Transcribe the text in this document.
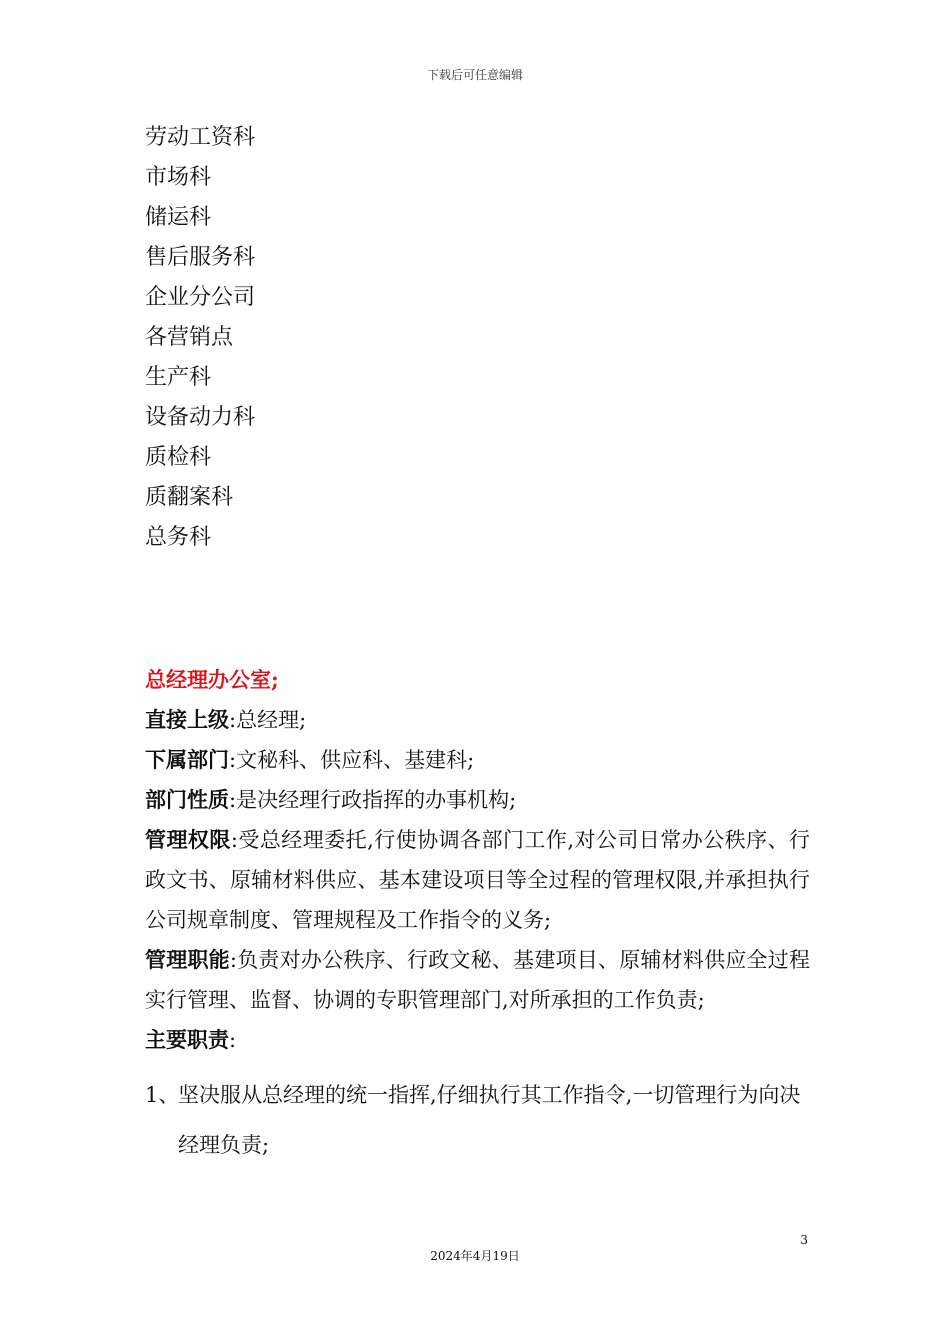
下载后可任意编辑
劳动工资科
市场科
储运科
售后服务科
企业分公司
各营销点
生产科
设备动力科
质检科
质翻案科
总务科
总经理办公室;
直接上级:总经理;
下属部门:文秘科、供应科、基建科;
部门性质:是决经理行政指挥的办事机构;
管理权限:受总经理委托,行使协调各部门工作,对公司日常办公秩序、行政文书、原辅材料供应、基本建设项目等全过程的管理权限,并承担执行公司规章制度、管理规程及工作指令的义务;
管理职能:负责对办公秩序、行政文秘、基建项目、原辅材料供应全过程实行管理、监督、协调的专职管理部门,对所承担的工作负责;
主要职责:
1、
坚决服从总经理的统一指挥,仔细执行其工作指令,一切管理行为向决经理负责;
3
2024年4月19日
